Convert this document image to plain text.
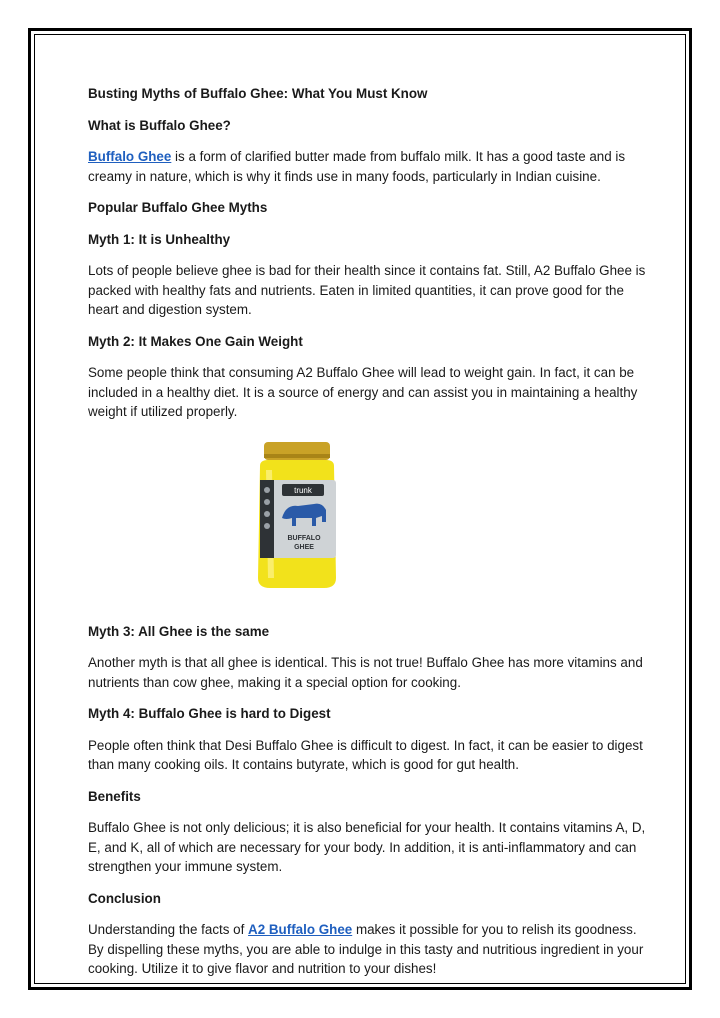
Busting Myths of Buffalo Ghee: What You Must Know

What is Buffalo Ghee?

Buffalo Ghee is a form of clarified butter made from buffalo milk. It has a good taste and is creamy in nature, which is why it finds use in many foods, particularly in Indian cuisine.

Popular Buffalo Ghee Myths

Myth 1: It is Unhealthy

Lots of people believe ghee is bad for their health since it contains fat. Still, A2 Buffalo Ghee is packed with healthy fats and nutrients. Eaten in limited quantities, it can prove good for the heart and digestion system.

Myth 2: It Makes One Gain Weight

Some people think that consuming A2 Buffalo Ghee will lead to weight gain. In fact, it can be included in a healthy diet. It is a source of energy and can assist you in maintaining a healthy weight if utilized properly.

trunk
BUFFALO
GHEE

Myth 3: All Ghee is the same

Another myth is that all ghee is identical. This is not true! Buffalo Ghee has more vitamins and nutrients than cow ghee, making it a special option for cooking.

Myth 4: Buffalo Ghee is hard to Digest

People often think that Desi Buffalo Ghee is difficult to digest. In fact, it can be easier to digest than many cooking oils. It contains butyrate, which is good for gut health.

Benefits

Buffalo Ghee is not only delicious; it is also beneficial for your health. It contains vitamins A, D, E, and K, all of which are necessary for your body. In addition, it is anti-inflammatory and can strengthen your immune system.

Conclusion

Understanding the facts of A2 Buffalo Ghee makes it possible for you to relish its goodness. By dispelling these myths, you are able to indulge in this tasty and nutritious ingredient in your cooking. Utilize it to give flavor and nutrition to your dishes!
